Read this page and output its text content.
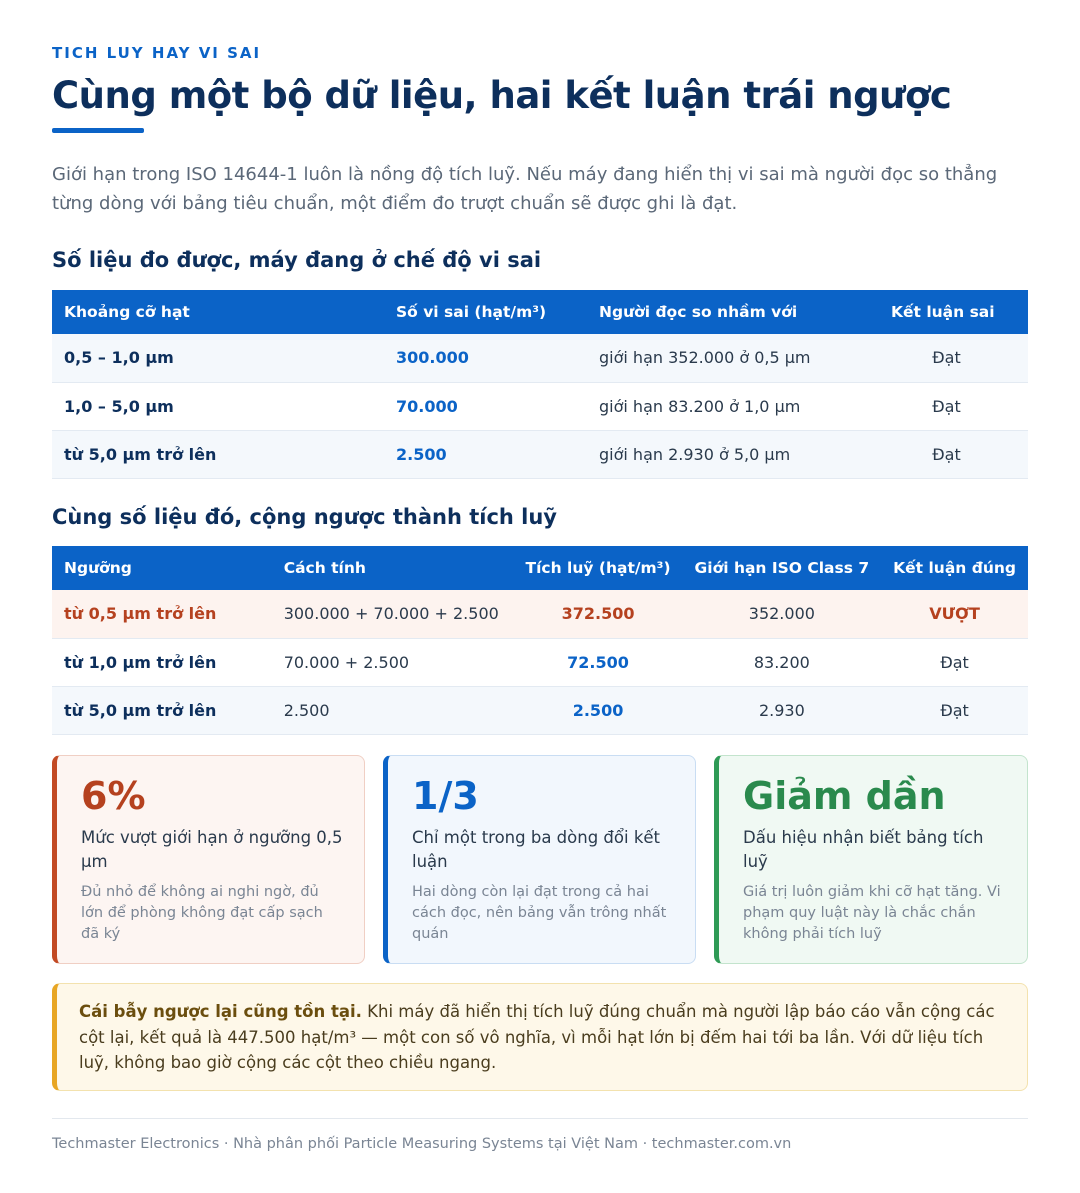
TICH LUY HAY VI SAI
Cùng một bộ dữ liệu, hai kết luận trái ngược

Giới hạn trong ISO 14644-1 luôn là nồng độ tích luỹ. Nếu máy đang hiển thị vi sai mà người đọc so thẳng từng dòng với bảng tiêu chuẩn, một điểm đo trượt chuẩn sẽ được ghi là đạt.

Số liệu đo được, máy đang ở chế độ vi sai
Khoảng cỡ hạt	Số vi sai (hạt/m³)	Người đọc so nhầm với	Kết luận sai
0,5 – 1,0 µm	300.000	giới hạn 352.000 ở 0,5 µm	Đạt
1,0 – 5,0 µm	70.000	giới hạn 83.200 ở 1,0 µm	Đạt
từ 5,0 µm trở lên	2.500	giới hạn 2.930 ở 5,0 µm	Đạt
Cùng số liệu đó, cộng ngược thành tích luỹ
Ngưỡng	Cách tính	Tích luỹ (hạt/m³)	Giới hạn ISO Class 7	Kết luận đúng
từ 0,5 µm trở lên	300.000 + 70.000 + 2.500	372.500	352.000	VƯỢT
từ 1,0 µm trở lên	70.000 + 2.500	72.500	83.200	Đạt
từ 5,0 µm trở lên	2.500	2.500	2.930	Đạt
6%
Mức vượt giới hạn ở ngưỡng 0,5 µm
Đủ nhỏ để không ai nghi ngờ, đủ lớn để phòng không đạt cấp sạch đã ký
1/3
Chỉ một trong ba dòng đổi kết luận
Hai dòng còn lại đạt trong cả hai cách đọc, nên bảng vẫn trông nhất quán
Giảm dần
Dấu hiệu nhận biết bảng tích luỹ
Giá trị luôn giảm khi cỡ hạt tăng. Vi phạm quy luật này là chắc chắn không phải tích luỹ
Cái bẫy ngược lại cũng tồn tại. Khi máy đã hiển thị tích luỹ đúng chuẩn mà người lập báo cáo vẫn cộng các cột lại, kết quả là 447.500 hạt/m³ — một con số vô nghĩa, vì mỗi hạt lớn bị đếm hai tới ba lần. Với dữ liệu tích luỹ, không bao giờ cộng các cột theo chiều ngang.
Techmaster Electronics · Nhà phân phối Particle Measuring Systems tại Việt Nam · techmaster.com.vn
